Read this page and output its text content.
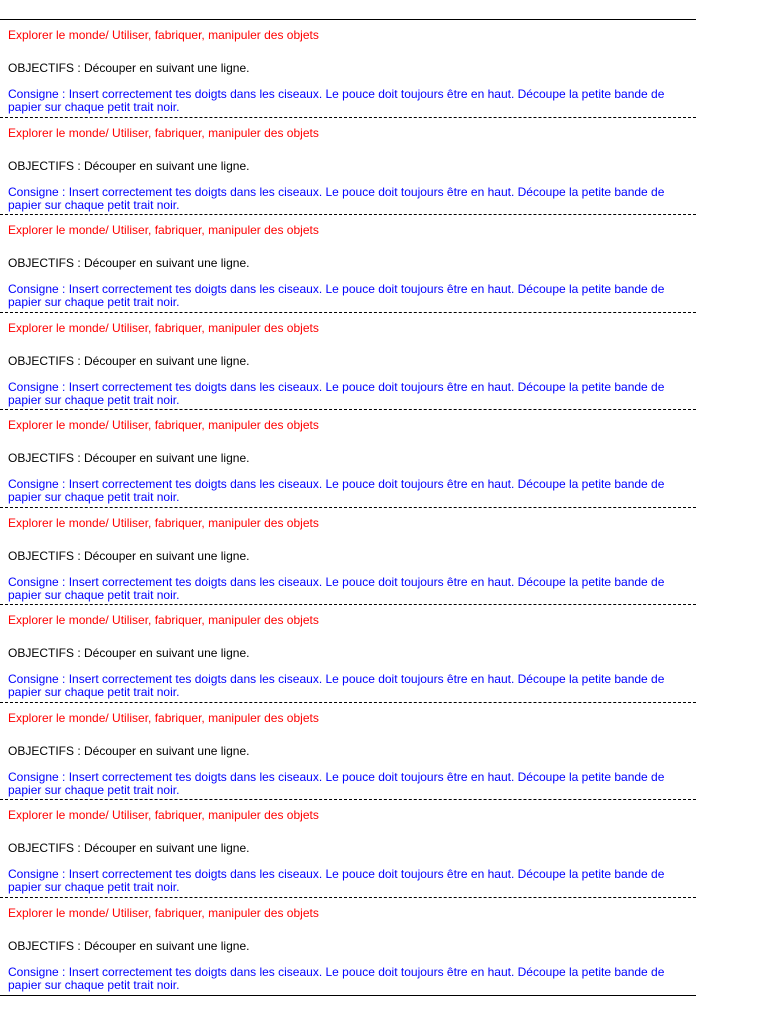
Explorer le monde/ Utiliser, fabriquer, manipuler des objets

OBJECTIFS : Découper en suivant une ligne.

Consigne : Insert correctement tes doigts dans les ciseaux. Le pouce doit toujours être en haut. Découpe la petite bande de papier sur chaque petit trait noir.

Explorer le monde/ Utiliser, fabriquer, manipuler des objets

OBJECTIFS : Découper en suivant une ligne.

Consigne : Insert correctement tes doigts dans les ciseaux. Le pouce doit toujours être en haut. Découpe la petite bande de papier sur chaque petit trait noir.

Explorer le monde/ Utiliser, fabriquer, manipuler des objets

OBJECTIFS : Découper en suivant une ligne.

Consigne : Insert correctement tes doigts dans les ciseaux. Le pouce doit toujours être en haut. Découpe la petite bande de papier sur chaque petit trait noir.

Explorer le monde/ Utiliser, fabriquer, manipuler des objets

OBJECTIFS : Découper en suivant une ligne.

Consigne : Insert correctement tes doigts dans les ciseaux. Le pouce doit toujours être en haut. Découpe la petite bande de papier sur chaque petit trait noir.

Explorer le monde/ Utiliser, fabriquer, manipuler des objets

OBJECTIFS : Découper en suivant une ligne.

Consigne : Insert correctement tes doigts dans les ciseaux. Le pouce doit toujours être en haut. Découpe la petite bande de papier sur chaque petit trait noir.

Explorer le monde/ Utiliser, fabriquer, manipuler des objets

OBJECTIFS : Découper en suivant une ligne.

Consigne : Insert correctement tes doigts dans les ciseaux. Le pouce doit toujours être en haut. Découpe la petite bande de papier sur chaque petit trait noir.

Explorer le monde/ Utiliser, fabriquer, manipuler des objets

OBJECTIFS : Découper en suivant une ligne.

Consigne : Insert correctement tes doigts dans les ciseaux. Le pouce doit toujours être en haut. Découpe la petite bande de papier sur chaque petit trait noir.

Explorer le monde/ Utiliser, fabriquer, manipuler des objets

OBJECTIFS : Découper en suivant une ligne.

Consigne : Insert correctement tes doigts dans les ciseaux. Le pouce doit toujours être en haut. Découpe la petite bande de papier sur chaque petit trait noir.

Explorer le monde/ Utiliser, fabriquer, manipuler des objets

OBJECTIFS : Découper en suivant une ligne.

Consigne : Insert correctement tes doigts dans les ciseaux. Le pouce doit toujours être en haut. Découpe la petite bande de papier sur chaque petit trait noir.

Explorer le monde/ Utiliser, fabriquer, manipuler des objets

OBJECTIFS : Découper en suivant une ligne.

Consigne : Insert correctement tes doigts dans les ciseaux. Le pouce doit toujours être en haut. Découpe la petite bande de papier sur chaque petit trait noir.
